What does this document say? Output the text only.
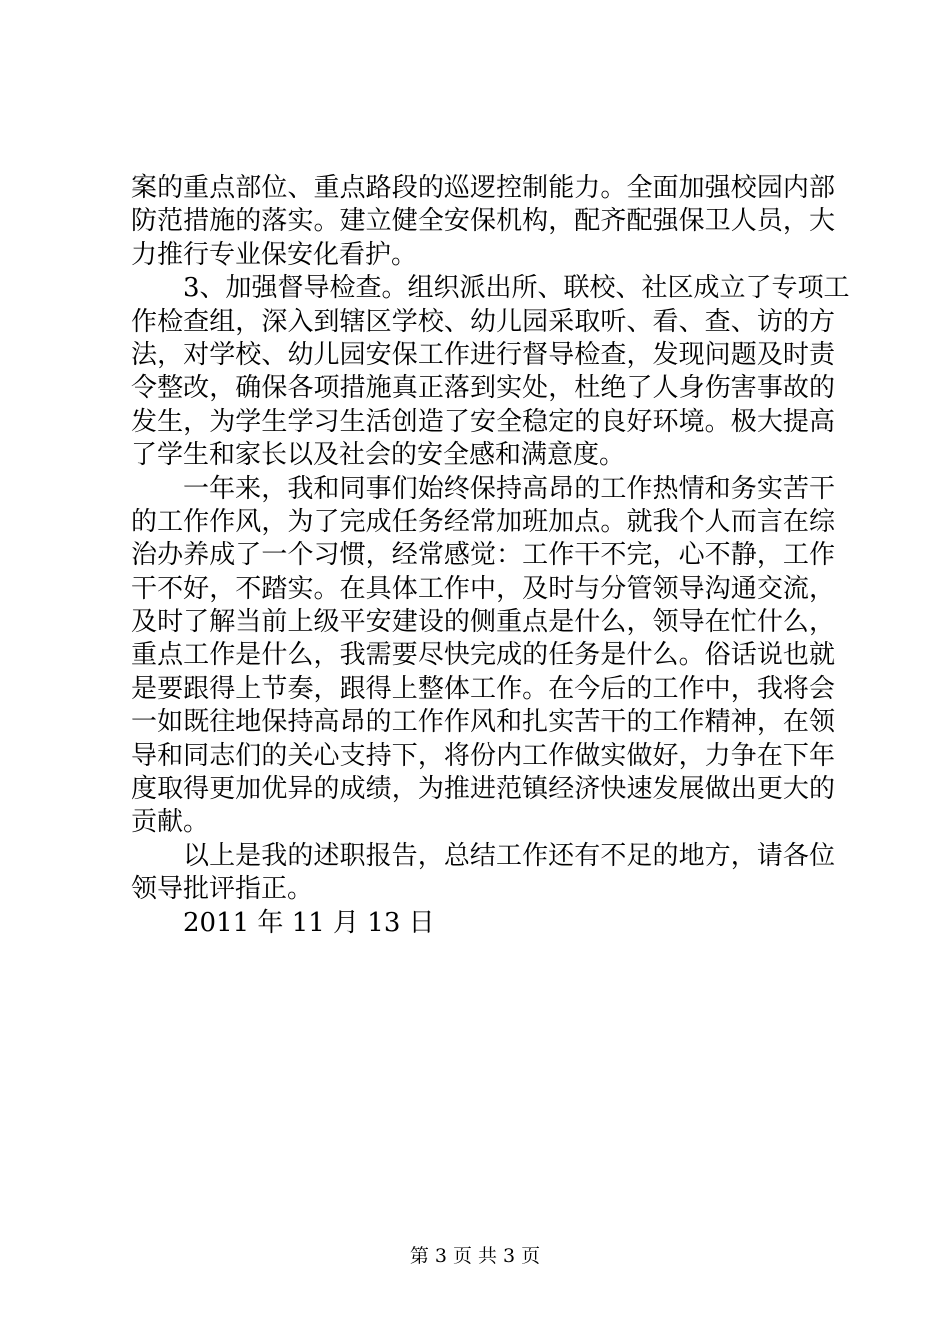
案的重点部位、重点路段的巡逻控制能力。全面加强校园内部
防范措施的落实。建立健全安保机构，配齐配强保卫人员，大
力推行专业保安化看护。
3、加强督导检查。组织派出所、联校、社区成立了专项工
作检查组，深入到辖区学校、幼儿园采取听、看、查、访的方
法，对学校、幼儿园安保工作进行督导检查，发现问题及时责
令整改，确保各项措施真正落到实处，杜绝了人身伤害事故的
发生，为学生学习生活创造了安全稳定的良好环境。极大提高
了学生和家长以及社会的安全感和满意度。
一年来，我和同事们始终保持高昂的工作热情和务实苦干
的工作作风，为了完成任务经常加班加点。就我个人而言在综
治办养成了一个习惯，经常感觉：工作干不完，心不静，工作
干不好，不踏实。在具体工作中，及时与分管领导沟通交流，
及时了解当前上级平安建设的侧重点是什么，领导在忙什么，
重点工作是什么，我需要尽快完成的任务是什么。俗话说也就
是要跟得上节奏，跟得上整体工作。在今后的工作中，我将会
一如既往地保持高昂的工作作风和扎实苦干的工作精神，在领
导和同志们的关心支持下，将份内工作做实做好，力争在下年
度取得更加优异的成绩，为推进范镇经济快速发展做出更大的
贡献。
以上是我的述职报告，总结工作还有不足的地方，请各位
领导批评指正。
2011 年 11 月 13 日
第 3 页 共 3 页
